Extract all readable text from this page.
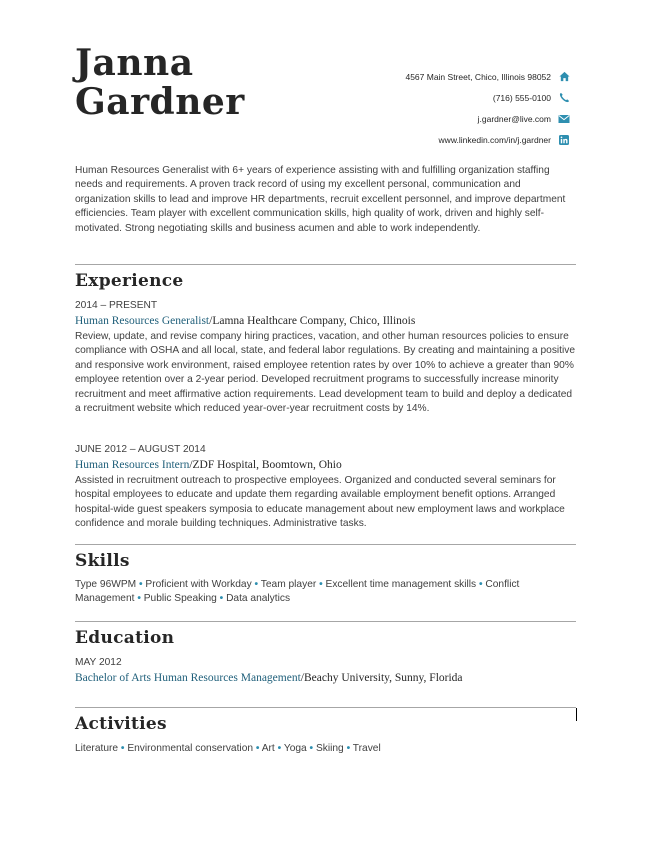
Janna
Gardner
4567 Main Street, Chico, Illinois 98052
(716) 555-0100
j.gardner@live.com
www.linkedin.com/in/j.gardner
Human Resources Generalist with 6+ years of experience assisting with and fulfilling organization staffing needs and requirements. A proven track record of using my excellent personal, communication and organization skills to lead and improve HR departments, recruit excellent personnel, and improve department efficiencies. Team player with excellent communication skills, high quality of work, driven and highly self-motivated. Strong negotiating skills and business acumen and able to work independently.
Experience
2014 – PRESENT
Human Resources Generalist/Lamna Healthcare Company, Chico, Illinois
Review, update, and revise company hiring practices, vacation, and other human resources policies to ensure compliance with OSHA and all local, state, and federal labor regulations. By creating and maintaining a positive and responsive work environment, raised employee retention rates by over 10% to achieve a greater than 90% employee retention over a 2-year period. Developed recruitment programs to successfully increase minority recruitment and meet affirmative action requirements. Lead development team to build and deploy a dedicated a recruitment website which reduced year-over-year recruitment costs by 14%.
JUNE 2012 – AUGUST 2014
Human Resources Intern/ZDF Hospital, Boomtown, Ohio
Assisted in recruitment outreach to prospective employees. Organized and conducted several seminars for hospital employees to educate and update them regarding available employment benefit options. Arranged hospital-wide guest speakers symposia to educate management about new employment laws and workplace confidence and morale building techniques. Administrative tasks.
Skills
Type 96WPM • Proficient with Workday • Team player • Excellent time management skills • Conflict Management • Public Speaking • Data analytics
Education
MAY 2012
Bachelor of Arts Human Resources Management/Beachy University, Sunny, Florida
Activities
Literature • Environmental conservation • Art • Yoga • Skiing • Travel
